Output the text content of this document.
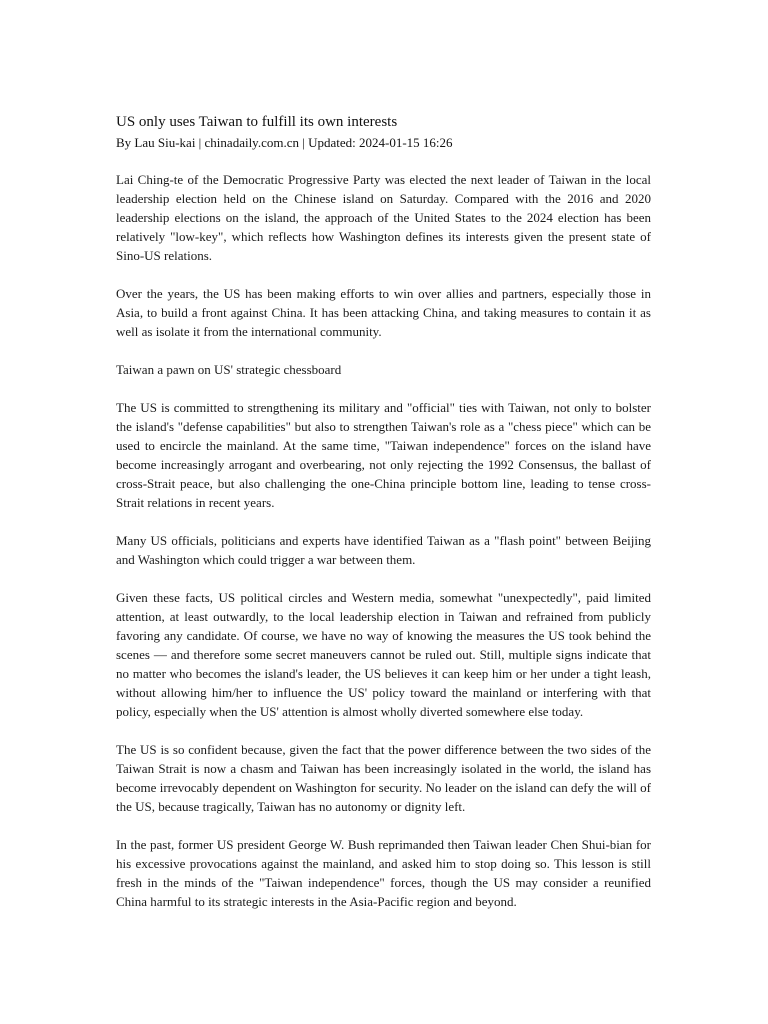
US only uses Taiwan to fulfill its own interests
By Lau Siu-kai | chinadaily.com.cn | Updated: 2024-01-15 16:26

Lai Ching-te of the Democratic Progressive Party was elected the next leader of Taiwan in the local leadership election held on the Chinese island on Saturday. Compared with the 2016 and 2020 leadership elections on the island, the approach of the United States to the 2024 election has been relatively "low-key", which reflects how Washington defines its interests given the present state of Sino-US relations.

Over the years, the US has been making efforts to win over allies and partners, especially those in Asia, to build a front against China. It has been attacking China, and taking measures to contain it as well as isolate it from the international community.

Taiwan a pawn on US' strategic chessboard

The US is committed to strengthening its military and "official" ties with Taiwan, not only to bolster the island's "defense capabilities" but also to strengthen Taiwan's role as a "chess piece" which can be used to encircle the mainland. At the same time, "Taiwan independence" forces on the island have become increasingly arrogant and overbearing, not only rejecting the 1992 Consensus, the ballast of cross-Strait peace, but also challenging the one-China principle bottom line, leading to tense cross-Strait relations in recent years.

Many US officials, politicians and experts have identified Taiwan as a "flash point" between Beijing and Washington which could trigger a war between them.

Given these facts, US political circles and Western media, somewhat "unexpectedly", paid limited attention, at least outwardly, to the local leadership election in Taiwan and refrained from publicly favoring any candidate. Of course, we have no way of knowing the measures the US took behind the scenes — and therefore some secret maneuvers cannot be ruled out. Still, multiple signs indicate that no matter who becomes the island's leader, the US believes it can keep him or her under a tight leash, without allowing him/her to influence the US' policy toward the mainland or interfering with that policy, especially when the US' attention is almost wholly diverted somewhere else today.

The US is so confident because, given the fact that the power difference between the two sides of the Taiwan Strait is now a chasm and Taiwan has been increasingly isolated in the world, the island has become irrevocably dependent on Washington for security. No leader on the island can defy the will of the US, because tragically, Taiwan has no autonomy or dignity left.

In the past, former US president George W. Bush reprimanded then Taiwan leader Chen Shui-bian for his excessive provocations against the mainland, and asked him to stop doing so. This lesson is still fresh in the minds of the "Taiwan independence" forces, though the US may consider a reunified China harmful to its strategic interests in the Asia-Pacific region and beyond.
